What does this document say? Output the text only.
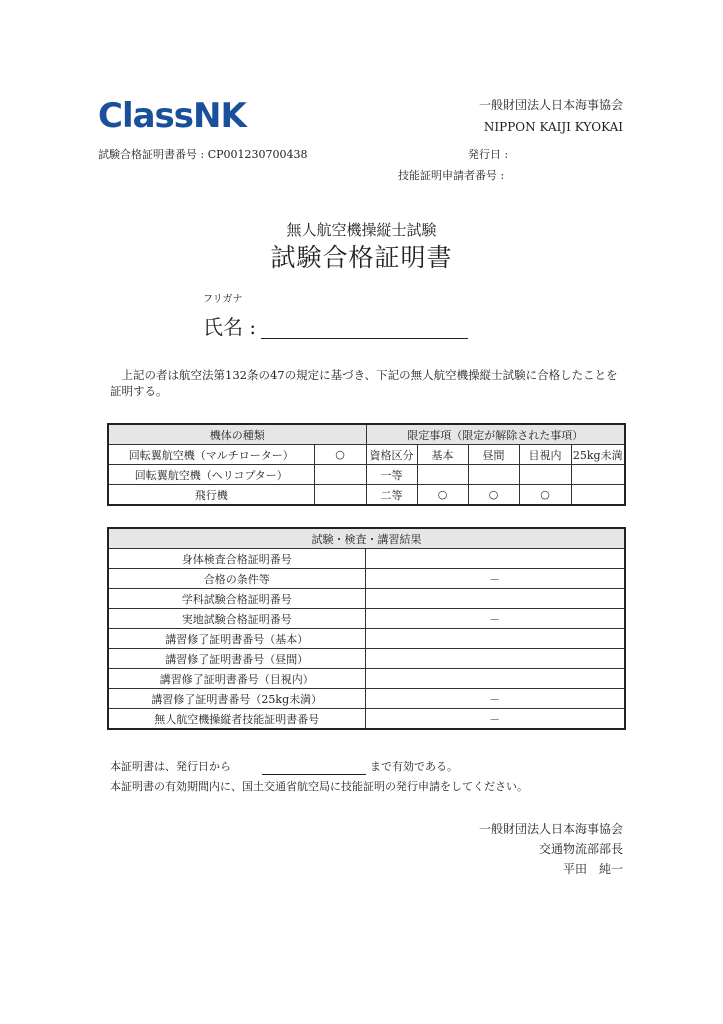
ClassNK	一般財団法人日本海事協会
NIPPON KAIJI KYOKAI
試験合格証明書番号 : CP001230700438	発行日 :
技能証明申請者番号 :
無人航空機操縦士試験
試験合格証明書
フリガナ
氏名 :
上記の者は航空法第132条の47の規定に基づき、下記の無人航空機操縦士試験に合格したことを証明する。
機体の種類		限定事項（限定が解除された事項）				
回転翼航空機（マルチローター）	○	資格区分	基本	昼間	目視内	25kg未満
回転翼航空機（ヘリコプター）		一等				
飛行機		二等	○	○	○	
試験・検査・講習結果	
身体検査合格証明番号	
合格の条件等	－
学科試験合格証明番号	
実地試験合格証明番号	－
講習修了証明書番号（基本）	
講習修了証明書番号（昼間）	
講習修了証明書番号（目視内）	
講習修了証明書番号（25kg未満）	－
無人航空機操縦者技能証明書番号	－
本証明書は、発行日から	まで有効である。
本証明書の有効期間内に、国土交通省航空局に技能証明の発行申請をしてください。
一般財団法人日本海事協会
交通物流部部長
平田　純一
